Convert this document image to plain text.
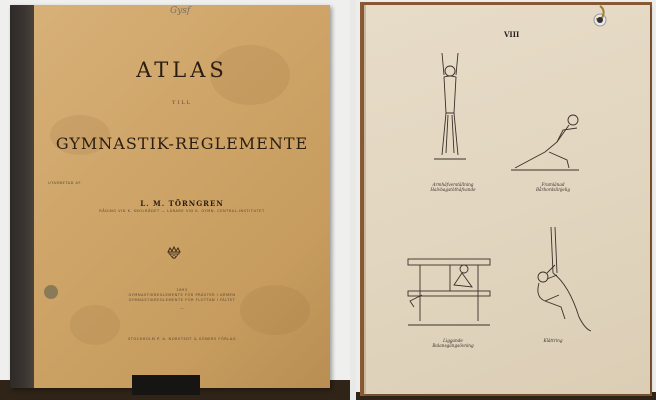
Gysf
ATLAS
TILL
GYMNASTIK-REGLEMENTE
UTARBETAD AF
L. M. TÖRNGREN
RÅDING VID K. SKOLRÅDET — LÄRARE VID K. GYMN. CENTRAL-INSTITUTET
1893
GYMNASTIKREGLEMENTE FÖR PRÄSTER I ARMEN
GYMNASTIKREGLEMENTE FÖR FLOTTAN I FÄLTET
—
STOCKHOLM P. A. NORSTEDT & SÖNERS FÖRLAG
VIII
Armhäfverställning
Halvbagstöthäfvande
Framlänad
Bårbordslinjelig
Liggande
Balansgångsövning
Klättring
